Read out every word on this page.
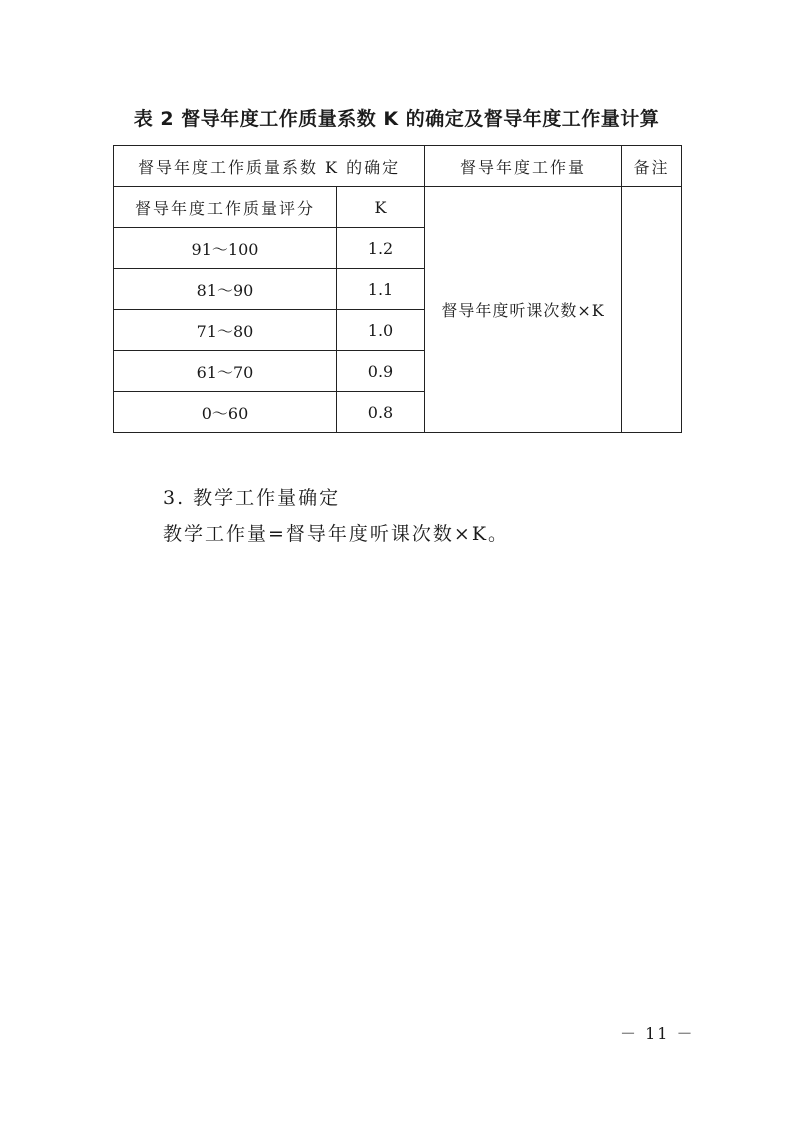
表 2 督导年度工作质量系数 K 的确定及督导年度工作量计算
督导年度工作质量系数 K 的确定		督导年度工作量	备注
督导年度工作质量评分	K	督导年度听课次数×K	
91～100	1.2		
81～90	1.1		
71～80	1.0		
61～70	0.9		
0～60	0.8		

3. 教学工作量确定

教学工作量=督导年度听课次数×K。

－ 11 －
